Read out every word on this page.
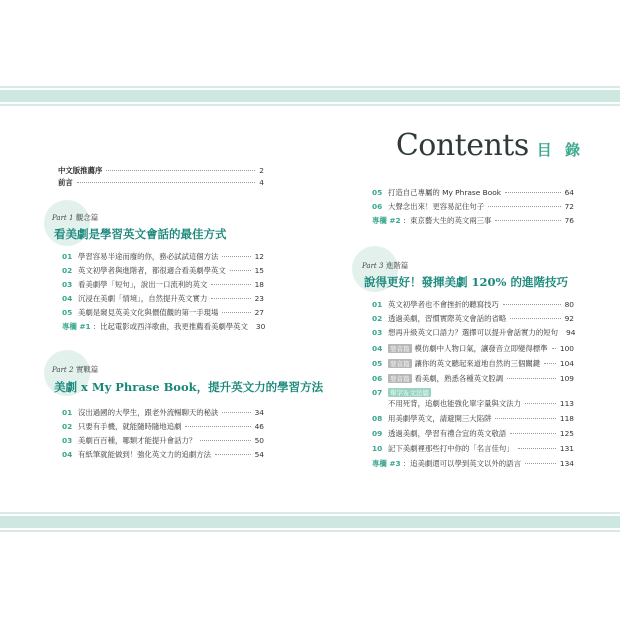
Contents 目 錄
中文版推薦序	2
前言	4
Part 1 觀念篇
看美劇是學習英文會話的最佳方式
01 學習容易半途而廢的你，務必試試這個方法	12
02 英文初學者與進階者，都很適合看美劇學英文	15
03 看美劇學「短句」，說出一口流利的英文	18
04 沉浸在美劇「情境」，自然提升英文實力	23
05 美劇是窺見英美文化與價值觀的第一手現場	27
專欄 #1 ：比起電影或西洋歌曲，我更推薦看美劇學英文 30
Part 2 實戰篇
美劇 x My Phrase Book，提升英文力的學習方法
01 沒出過國的大學生，跟老外流暢聊天的秘訣	34
02 只要有手機，就能隨時隨地追劇	46
03 美劇百百種，哪類才能提升會話力？	50
04 有紙筆就能做到！強化英文力的追劇方法	54
05 打造自己專屬的 My Phrase Book	64
06 大聲念出來！更容易記住句子	72
專欄 #2 ：東京藝大生的英文兩三事	76
Part 3 進階篇
說得更好！發揮美劇 120% 的進階技巧
01 英文初學者也不會挫折的聽寫技巧	80
02 透過美劇，習慣實際英文會話的省略	92
03 想再升級英文口語力？選擇可以提升會話實力的短句 94
04	發音篇 模仿劇中人物口氣，讓發音立即變得標準 100
05	發音篇 讓你的英文聽起來道地自然的三個關鍵	104
06	發音篇 看美劇，熟悉各種英文腔調	109
07	單字＆文法篇
不用死背，追劇也能強化單字量與文法力	113
08 用美劇學英文，請避開三大陷阱	118
09 透過美劇，學習有禮合宜的英文敬語	125
10 記下美劇裡那些打中你的「名言佳句」	131
專欄 #3 ：追美劇還可以學到英文以外的語言	134
